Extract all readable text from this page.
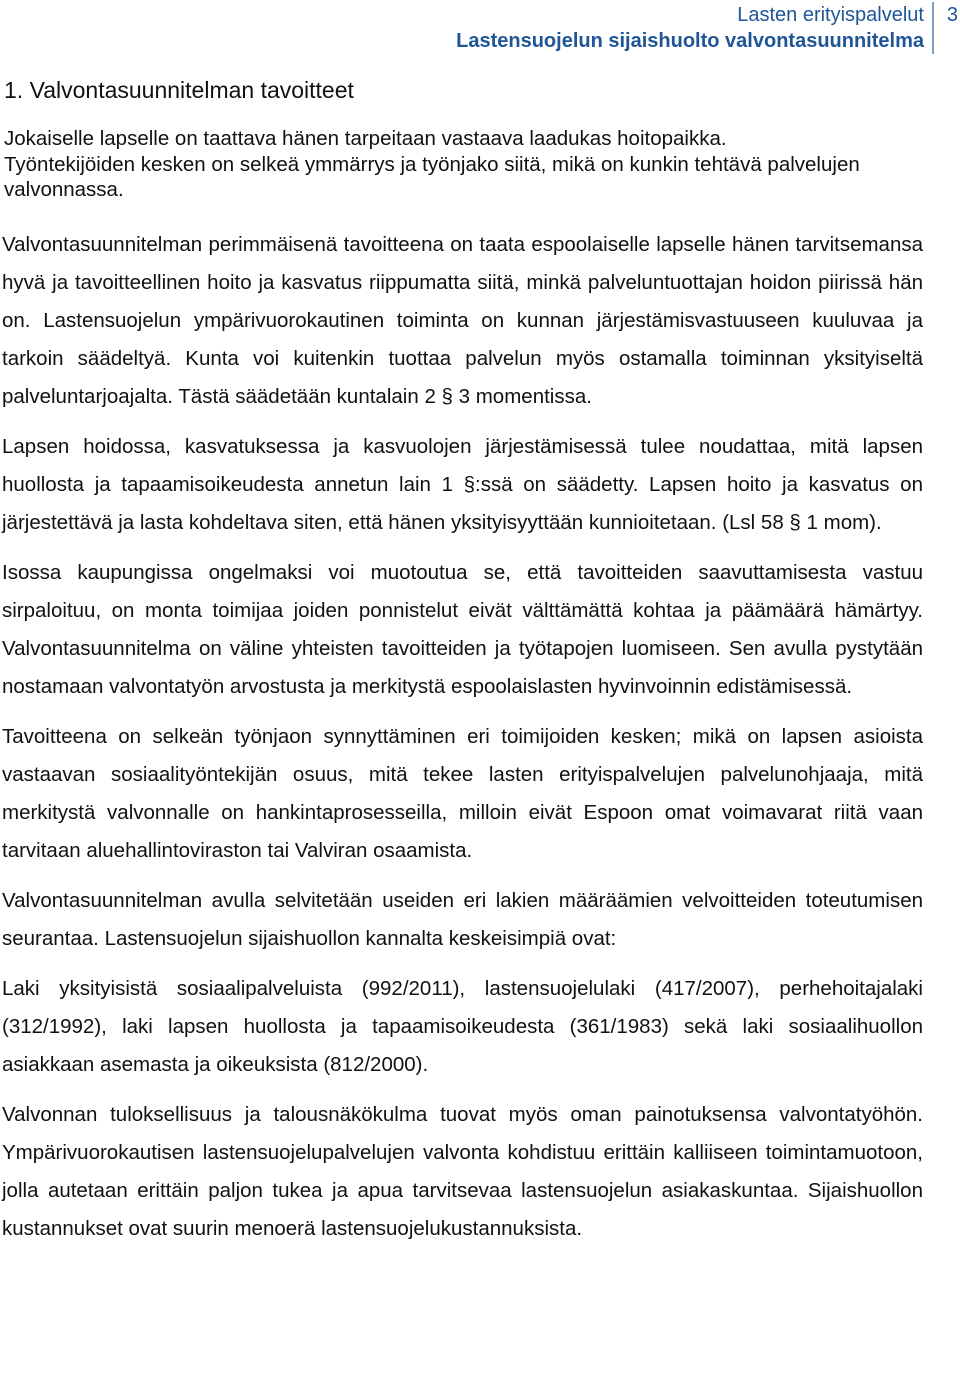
Lasten erityispalvelut
Lastensuojelun sijaishuolto valvontasuunnitelma
3
1. Valvontasuunnitelman tavoitteet

Jokaiselle lapselle on taattava hänen tarpeitaan vastaava laadukas hoitopaikka.

Työntekijöiden kesken on selkeä ymmärrys ja työnjako siitä, mikä on kunkin tehtävä palvelujen valvonnassa.

Valvontasuunnitelman perimmäisenä tavoitteena on taata espoolaiselle lapselle hänen tarvitsemansa hyvä ja tavoitteellinen hoito ja kasvatus riippumatta siitä, minkä palveluntuottajan hoidon piirissä hän on. Lastensuojelun ympärivuorokautinen toiminta on kunnan järjestämisvastuuseen kuuluvaa ja tarkoin säädeltyä. Kunta voi kuitenkin tuottaa palvelun myös ostamalla toiminnan yksityiseltä palveluntarjoajalta. Tästä säädetään kuntalain 2 § 3 momentissa.

Lapsen hoidossa, kasvatuksessa ja kasvuolojen järjestämisessä tulee noudattaa, mitä lapsen huollosta ja tapaamisoikeudesta annetun lain 1 §:ssä on säädetty. Lapsen hoito ja kasvatus on järjestettävä ja lasta kohdeltava siten, että hänen yksityisyyttään kunnioitetaan. (Lsl 58 § 1 mom).

Isossa kaupungissa ongelmaksi voi muotoutua se, että tavoitteiden saavuttamisesta vastuu sirpaloituu, on monta toimijaa joiden ponnistelut eivät välttämättä kohtaa ja päämäärä hämärtyy. Valvontasuunnitelma on väline yhteisten tavoitteiden ja työtapojen luomiseen. Sen avulla pystytään nostamaan valvontatyön arvostusta ja merkitystä espoolaislasten hyvinvoinnin edistämisessä.

Tavoitteena on selkeän työnjaon synnyttäminen eri toimijoiden kesken; mikä on lapsen asioista vastaavan sosiaalityöntekijän osuus, mitä tekee lasten erityispalvelujen palvelunohjaaja, mitä merkitystä valvonnalle on hankintaprosesseilla, milloin eivät Espoon omat voimavarat riitä vaan tarvitaan aluehallintoviraston tai Valviran osaamista.

Valvontasuunnitelman avulla selvitetään useiden eri lakien määräämien velvoitteiden toteutumisen seurantaa. Lastensuojelun sijaishuollon kannalta keskeisimpiä ovat:

Laki yksityisistä sosiaalipalveluista (992/2011), lastensuojelulaki (417/2007), perhehoitajalaki (312/1992), laki lapsen huollosta ja tapaamisoikeudesta (361/1983) sekä laki sosiaalihuollon asiakkaan asemasta ja oikeuksista (812/2000).

Valvonnan tuloksellisuus ja talousnäkökulma tuovat myös oman painotuksensa valvontatyöhön. Ympärivuorokautisen lastensuojelupalvelujen valvonta kohdistuu erittäin kalliiseen toimintamuotoon, jolla autetaan erittäin paljon tukea ja apua tarvitsevaa lastensuojelun asiakaskuntaa. Sijaishuollon kustannukset ovat suurin menoerä lastensuojelukustannuksista.
